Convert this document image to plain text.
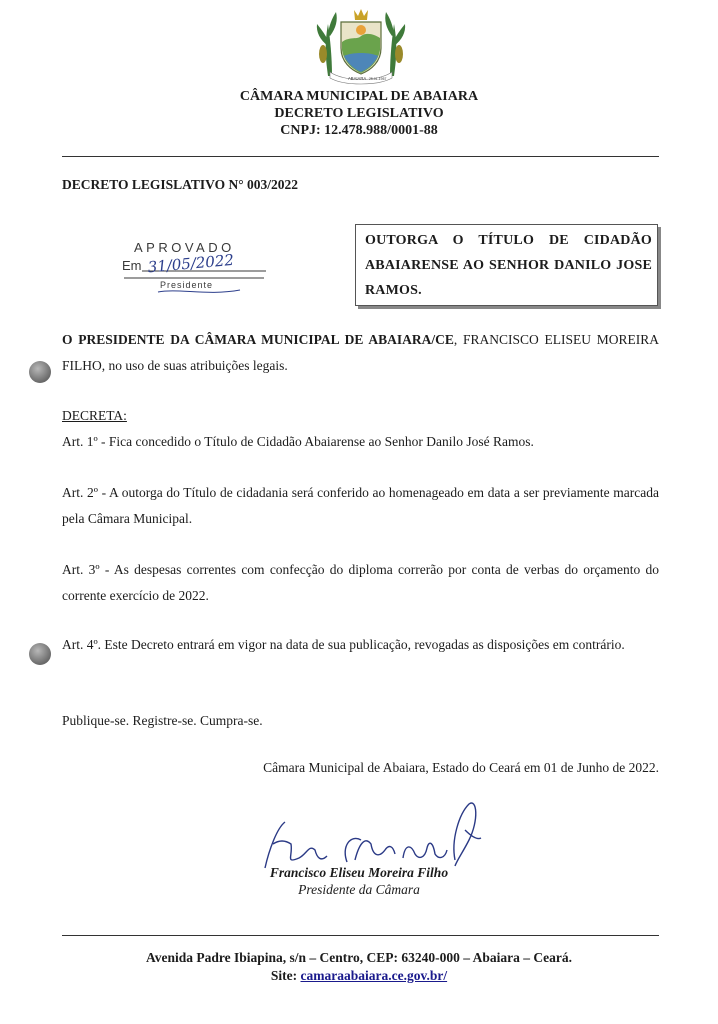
ABAIARA 25-01-1957
CÂMARA MUNICIPAL DE ABAIARA
DECRETO LEGISLATIVO
CNPJ: 12.478.988/0001-88
DECRETO LEGISLATIVO N° 003/2022
APROVADO
Em 31/05/2022
Presidente
OUTORGA O TÍTULO DE CIDADÃO ABAIARENSE AO SENHOR DANILO JOSE RAMOS.
O PRESIDENTE DA CÂMARA MUNICIPAL DE ABAIARA/CE, FRANCISCO ELISEU MOREIRA FILHO, no uso de suas atribuições legais.
DECRETA:
Art. 1º - Fica concedido o Título de Cidadão Abaiarense ao Senhor Danilo José Ramos.
Art. 2º - A outorga do Título de cidadania será conferido ao homenageado em data a ser previamente marcada pela Câmara Municipal.
Art. 3º - As despesas correntes com confecção do diploma correrão por conta de verbas do orçamento do corrente exercício de 2022.
Art. 4º. Este Decreto entrará em vigor na data de sua publicação, revogadas as disposições em contrário.
Publique-se. Registre-se. Cumpra-se.
Câmara Municipal de Abaiara, Estado do Ceará em 01 de Junho de 2022.
Francisco Eliseu Moreira Filho
Presidente da Câmara
Avenida Padre Ibiapina, s/n – Centro, CEP: 63240-000 – Abaiara – Ceará.
Site: camaraabaiara.ce.gov.br/
